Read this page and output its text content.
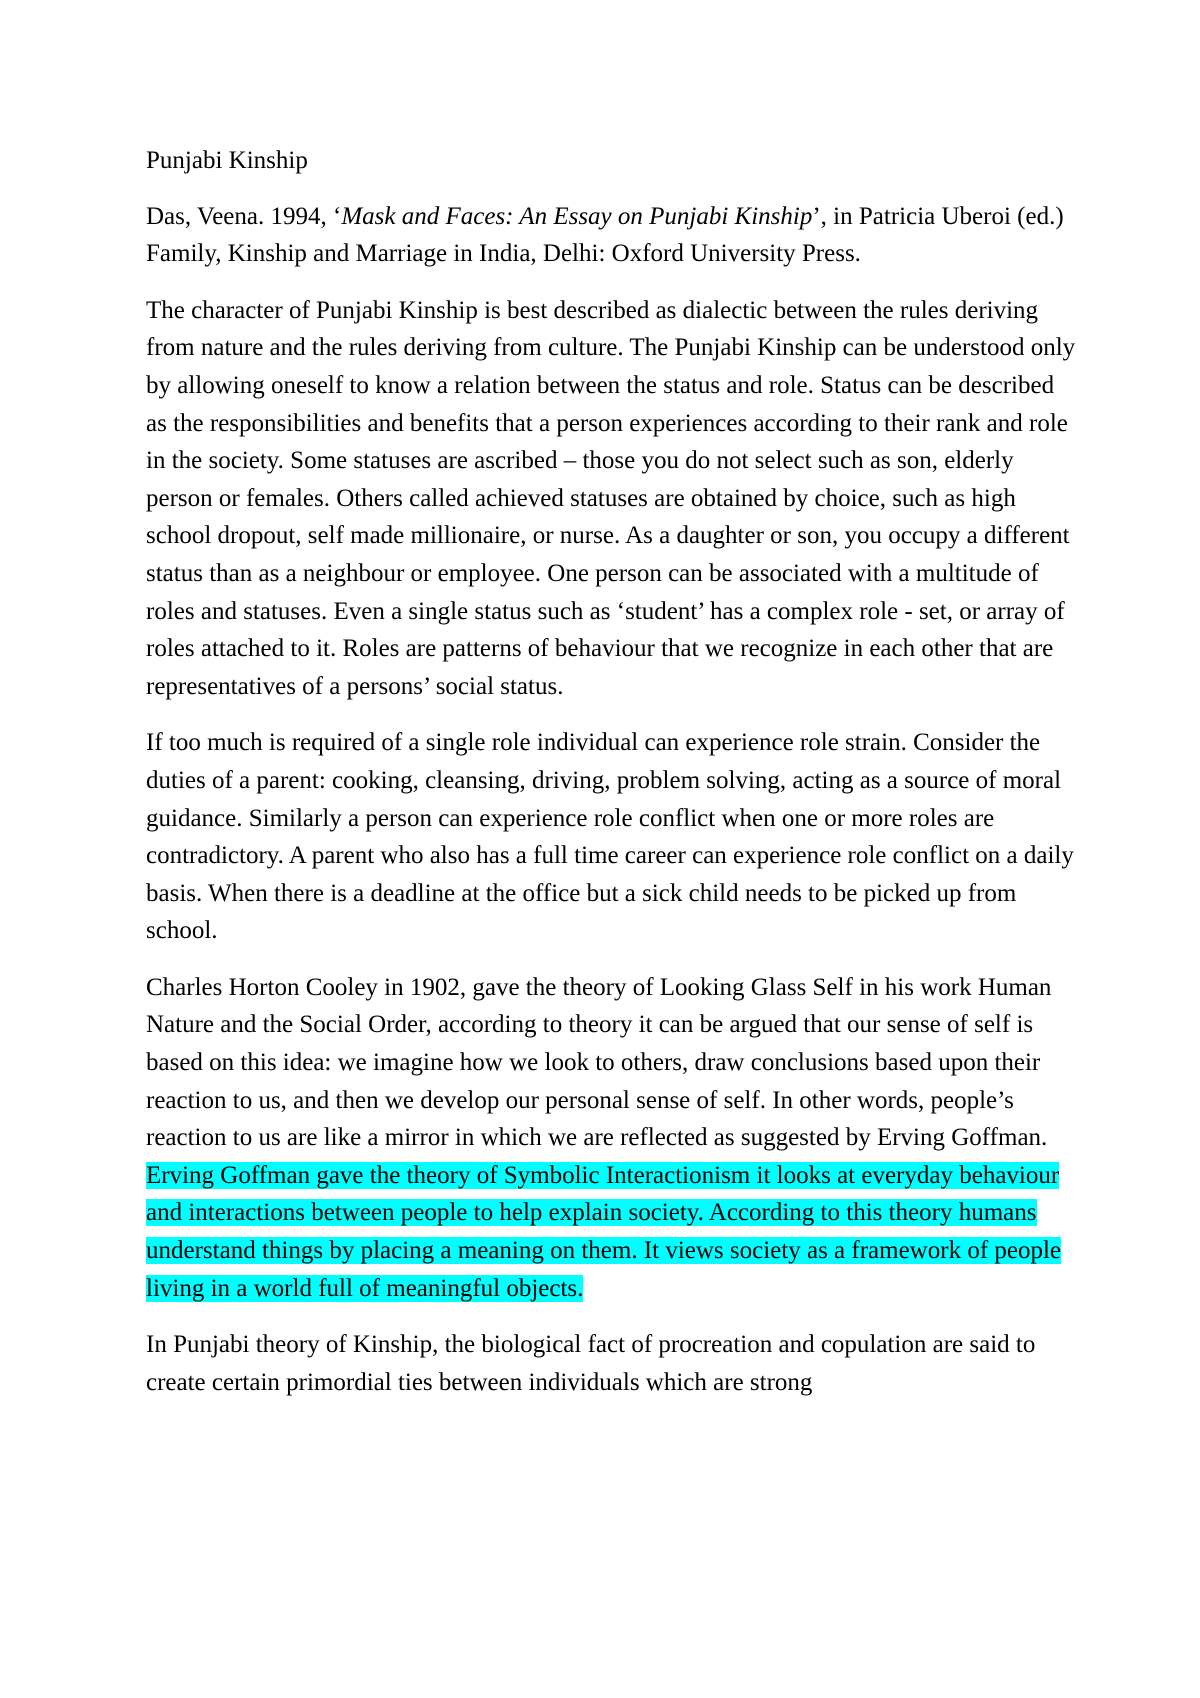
Punjabi Kinship

Das, Veena. 1994, ‘Mask and Faces: An Essay on Punjabi Kinship’, in Patricia Uberoi (ed.) Family, Kinship and Marriage in India, Delhi: Oxford University Press.

The character of Punjabi Kinship is best described as dialectic between the rules deriving from nature and the rules deriving from culture. The Punjabi Kinship can be understood only by allowing oneself to know a relation between the status and role. Status can be described as the responsibilities and benefits that a person experiences according to their rank and role in the society. Some statuses are ascribed – those you do not select such as son, elderly person or females. Others called achieved statuses are obtained by choice, such as high school dropout, self made millionaire, or nurse. As a daughter or son, you occupy a different status than as a neighbour or employee. One person can be associated with a multitude of roles and statuses. Even a single status such as ‘student’ has a complex role - set, or array of roles attached to it. Roles are patterns of behaviour that we recognize in each other that are representatives of a persons’ social status.

If too much is required of a single role individual can experience role strain. Consider the duties of a parent: cooking, cleansing, driving, problem solving, acting as a source of moral guidance. Similarly a person can experience role conflict when one or more roles are contradictory. A parent who also has a full time career can experience role conflict on a daily basis. When there is a deadline at the office but a sick child needs to be picked up from school.

Charles Horton Cooley in 1902, gave the theory of Looking Glass Self in his work Human Nature and the Social Order, according to theory it can be argued that our sense of self is based on this idea: we imagine how we look to others, draw conclusions based upon their reaction to us, and then we develop our personal sense of self. In other words, people’s reaction to us are like a mirror in which we are reflected as suggested by Erving Goffman. Erving Goffman gave the theory of Symbolic Interactionism it looks at everyday behaviour and interactions between people to help explain society. According to this theory humans understand things by placing a meaning on them. It views society as a framework of people living in a world full of meaningful objects.

In Punjabi theory of Kinship, the biological fact of procreation and copulation are said to create certain primordial ties between individuals which are strong
